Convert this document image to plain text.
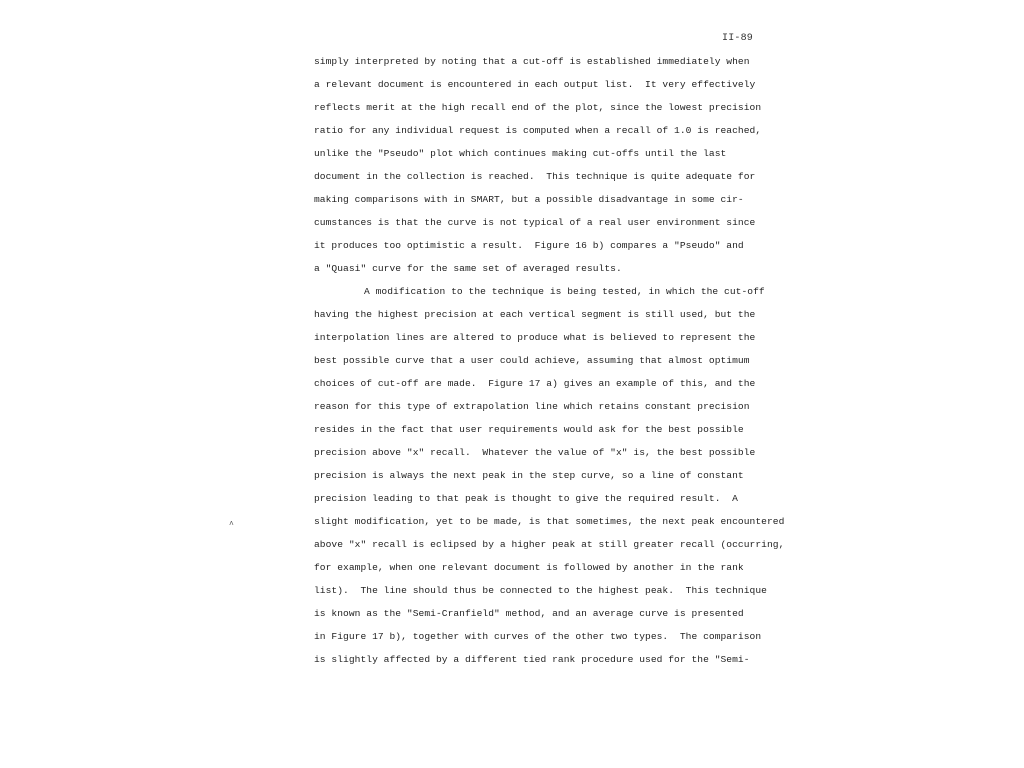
II-89
simply interpreted by noting that a cut-off is established immediately when
a relevant document is encountered in each output list.  It very effectively
reflects merit at the high recall end of the plot, since the lowest precision
ratio for any individual request is computed when a recall of 1.0 is reached,
unlike the "Pseudo" plot which continues making cut-offs until the last
document in the collection is reached.  This technique is quite adequate for
making comparisons with in SMART, but a possible disadvantage in some cir-
cumstances is that the curve is not typical of a real user environment since
it produces too optimistic a result.  Figure 16 b) compares a "Pseudo" and
a "Quasi" curve for the same set of averaged results.
A modification to the technique is being tested, in which the cut-off
having the highest precision at each vertical segment is still used, but the
interpolation lines are altered to produce what is believed to represent the
best possible curve that a user could achieve, assuming that almost optimum
choices of cut-off are made.  Figure 17 a) gives an example of this, and the
reason for this type of extrapolation line which retains constant precision
resides in the fact that user requirements would ask for the best possible
precision above "x" recall.  Whatever the value of "x" is, the best possible
precision is always the next peak in the step curve, so a line of constant
precision leading to that peak is thought to give the required result.  A
slight modification, yet to be made, is that sometimes, the next peak encountered
above "x" recall is eclipsed by a higher peak at still greater recall (occurring,
for example, when one relevant document is followed by another in the rank
list).  The line should thus be connected to the highest peak.  This technique
is known as the "Semi-Cranfield" method, and an average curve is presented
in Figure 17 b), together with curves of the other two types.  The comparison
is slightly affected by a different tied rank procedure used for the "Semi-
˄
